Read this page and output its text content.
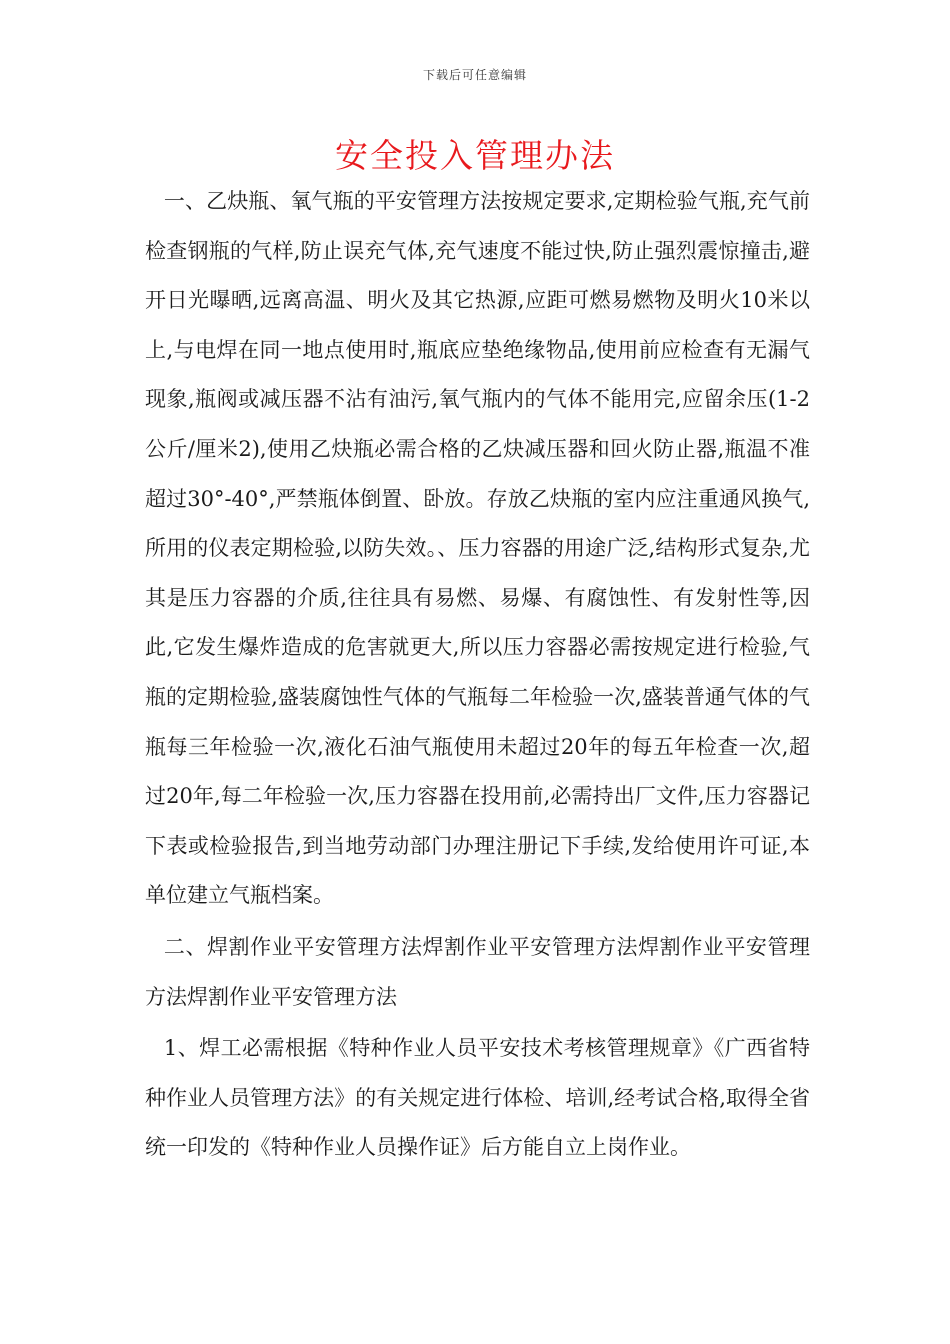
下载后可任意编辑
安全投入管理办法

一、乙炔瓶、氧气瓶的平安管理方法按规定要求,定期检验气瓶,充气前检查钢瓶的气样,防止误充气体,充气速度不能过快,防止强烈震惊撞击,避开日光曝晒,远离高温、明火及其它热源,应距可燃易燃物及明火10米以上,与电焊在同一地点使用时,瓶底应垫绝缘物品,使用前应检查有无漏气现象,瓶阀或减压器不沾有油污,氧气瓶内的气体不能用完,应留余压(1-2公斤/厘米2),使用乙炔瓶必需合格的乙炔减压器和回火防止器,瓶温不准超过30°-40°,严禁瓶体倒置、卧放。存放乙炔瓶的室内应注重通风换气,所用的仪表定期检验,以防失效。、压力容器的用途广泛,结构形式复杂,尤其是压力容器的介质,往往具有易燃、易爆、有腐蚀性、有发射性等,因此,它发生爆炸造成的危害就更大,所以压力容器必需按规定进行检验,气瓶的定期检验,盛装腐蚀性气体的气瓶每二年检验一次,盛装普通气体的气瓶每三年检验一次,液化石油气瓶使用未超过20年的每五年检查一次,超过20年,每二年检验一次,压力容器在投用前,必需持出厂文件,压力容器记下表或检验报告,到当地劳动部门办理注册记下手续,发给使用许可证,本单位建立气瓶档案。

二、焊割作业平安管理方法焊割作业平安管理方法焊割作业平安管理方法焊割作业平安管理方法

1、焊工必需根据《特种作业人员平安技术考核管理规章》《广西省特种作业人员管理方法》的有关规定进行体检、培训,经考试合格,取得全省统一印发的《特种作业人员操作证》后方能自立上岗作业。
